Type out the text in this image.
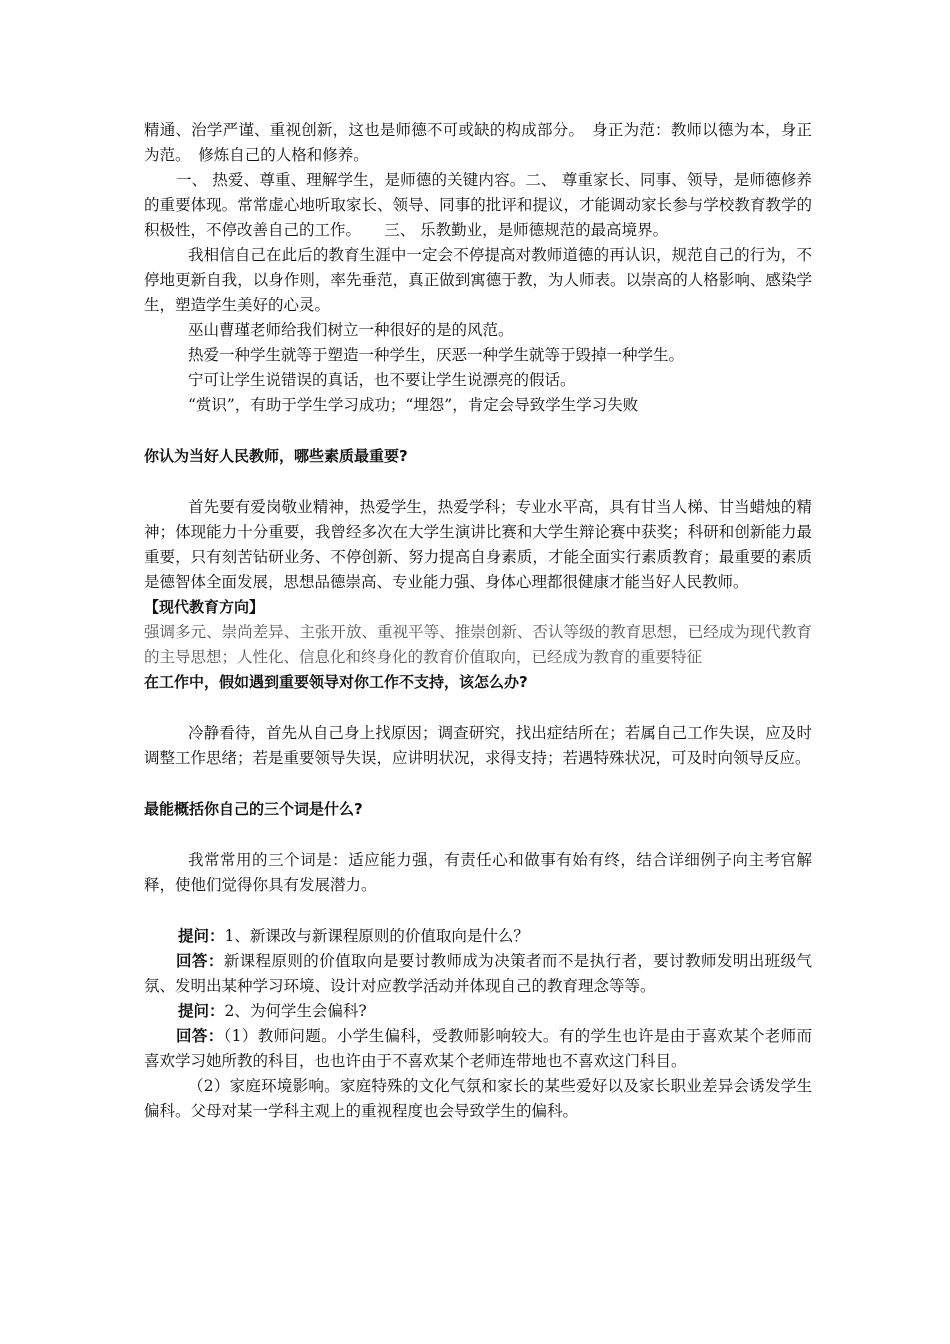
精通、治学严谨、重视创新，这也是师德不可或缺的构成部分。　身正为范：教师以德为本，身正为范。　修炼自己的人格和修养。

一、 热爱、尊重、理解学生，是师德的关键内容。二、 尊重家长、同事、领导，是师德修养的重要体现。常常虚心地听取家长、领导、同事的批评和提议，才能调动家长参与学校教育教学的积极性，不停改善自己的工作。　　三、 乐教勤业，是师德规范的最高境界。

我相信自己在此后的教育生涯中一定会不停提高对教师道德的再认识，规范自己的行为，不停地更新自我，以身作则，率先垂范，真正做到寓德于教，为人师表。以崇高的人格影响、感染学生，塑造学生美好的心灵。

巫山曹瑾老师给我们树立一种很好的是的风范。

热爱一种学生就等于塑造一种学生，厌恶一种学生就等于毁掉一种学生。

宁可让学生说错误的真话，也不要让学生说漂亮的假话。

“赏识”，有助于学生学习成功；“埋怨”，肯定会导致学生学习失败

你认为当好人民教师，哪些素质最重要?

首先要有爱岗敬业精神，热爱学生，热爱学科；专业水平高，具有甘当人梯、甘当蜡烛的精神；体现能力十分重要，我曾经多次在大学生演讲比赛和大学生辩论赛中获奖；科研和创新能力最重要，只有刻苦钻研业务、不停创新、努力提高自身素质，才能全面实行素质教育；最重要的素质是德智体全面发展，思想品德崇高、专业能力强、身体心理都很健康才能当好人民教师。

【现代教育方向】

强调多元、崇尚差异、主张开放、重视平等、推崇创新、否认等级的教育思想，已经成为现代教育的主导思想；人性化、信息化和终身化的教育价值取向，已经成为教育的重要特征

在工作中，假如遇到重要领导对你工作不支持，该怎么办?

冷静看待，首先从自己身上找原因；调查研究，找出症结所在；若属自己工作失误，应及时调整工作思绪；若是重要领导失误，应讲明状况，求得支持；若遇特殊状况，可及时向领导反应。

最能概括你自己的三个词是什么?

我常常用的三个词是：适应能力强，有责任心和做事有始有终，结合详细例子向主考官解释，使他们觉得你具有发展潜力。

提问：1、新课改与新课程原则的价值取向是什么？

回答：新课程原则的价值取向是要讨教师成为决策者而不是执行者，要讨教师发明出班级气氛、发明出某种学习环境、设计对应教学活动并体现自己的教育理念等等。

提问：2、为何学生会偏科?

回答：（1）教师问题。小学生偏科，受教师影响较大。有的学生也许是由于喜欢某个老师而喜欢学习她所教的科目，也也许由于不喜欢某个老师连带地也不喜欢这门科目。

（2）家庭环境影响。家庭特殊的文化气氛和家长的某些爱好以及家长职业差异会诱发学生偏科。父母对某一学科主观上的重视程度也会导致学生的偏科。
